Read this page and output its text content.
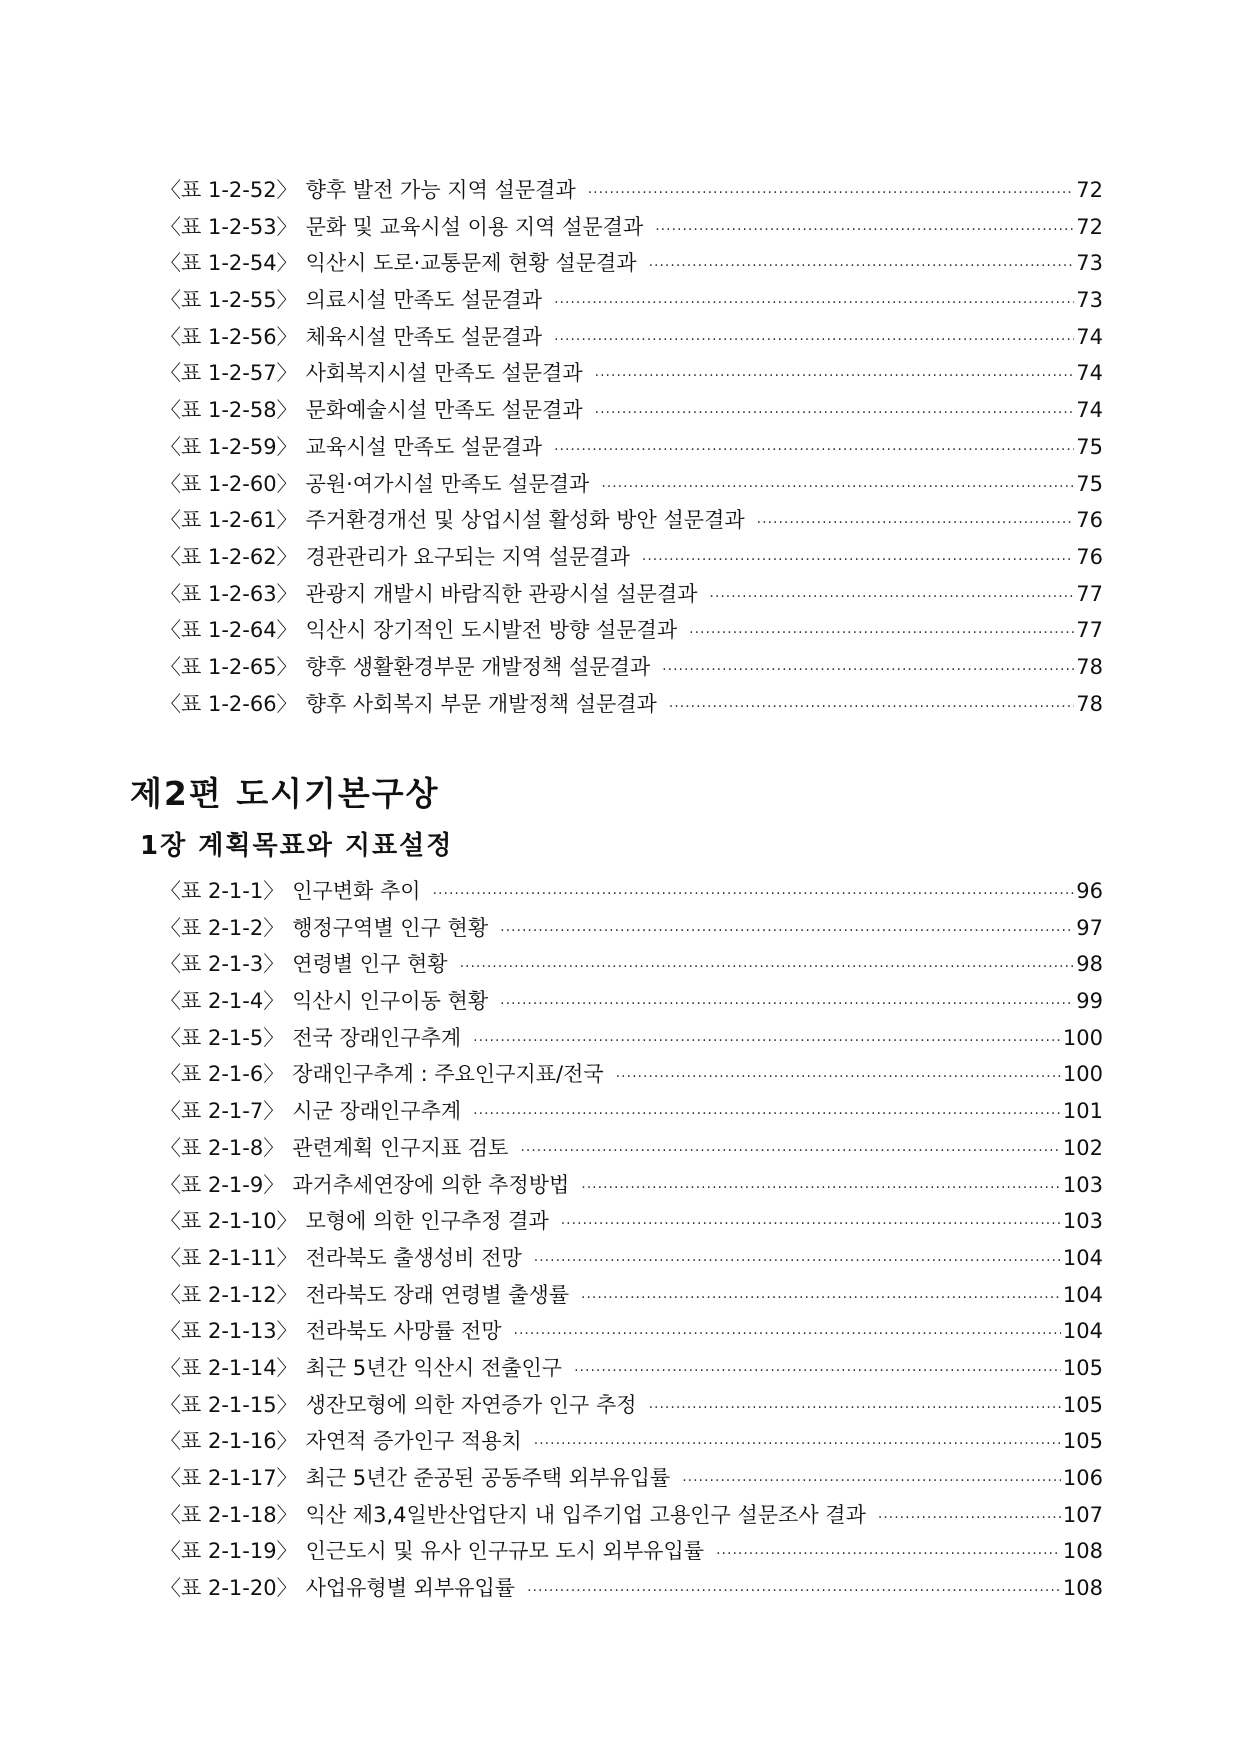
〈표 1-2-52〉 향후 발전 가능 지역 설문결과 ·····	72
〈표 1-2-53〉 문화 및 교육시설 이용 지역 설문결과 ·····	72
〈표 1-2-54〉 익산시 도로·교통문제 현황 설문결과 ·····	73
〈표 1-2-55〉 의료시설 만족도 설문결과 ·····	73
〈표 1-2-56〉 체육시설 만족도 설문결과 ·····	74
〈표 1-2-57〉 사회복지시설 만족도 설문결과 ·····	74
〈표 1-2-58〉 문화예술시설 만족도 설문결과 ·····	74
〈표 1-2-59〉 교육시설 만족도 설문결과 ·····	75
〈표 1-2-60〉 공원·여가시설 만족도 설문결과 ·····	75
〈표 1-2-61〉 주거환경개선 및 상업시설 활성화 방안 설문결과 ·····	76
〈표 1-2-62〉 경관관리가 요구되는 지역 설문결과 ·····	76
〈표 1-2-63〉 관광지 개발시 바람직한 관광시설 설문결과 ·····	77
〈표 1-2-64〉 익산시 장기적인 도시발전 방향 설문결과 ·····	77
〈표 1-2-65〉 향후 생활환경부문 개발정책 설문결과 ·····	78
〈표 1-2-66〉 향후 사회복지 부문 개발정책 설문결과 ·····	78
제2편 도시기본구상
1장 계획목표와 지표설정
〈표 2-1-1〉 인구변화 추이 ·····	96
〈표 2-1-2〉 행정구역별 인구 현황 ·····	97
〈표 2-1-3〉 연령별 인구 현황 ·····	98
〈표 2-1-4〉 익산시 인구이동 현황 ·····	99
〈표 2-1-5〉 전국 장래인구추계 ·····	100
〈표 2-1-6〉 장래인구추계 : 주요인구지표/전국 ·····	100
〈표 2-1-7〉 시군 장래인구추계 ·····	101
〈표 2-1-8〉 관련계획 인구지표 검토 ·····	102
〈표 2-1-9〉 과거추세연장에 의한 추정방법 ·····	103
〈표 2-1-10〉 모형에 의한 인구추정 결과 ·····	103
〈표 2-1-11〉 전라북도 출생성비 전망 ·····	104
〈표 2-1-12〉 전라북도 장래 연령별 출생률 ·····	104
〈표 2-1-13〉 전라북도 사망률 전망 ·····	104
〈표 2-1-14〉 최근 5년간 익산시 전출인구 ·····	105
〈표 2-1-15〉 생잔모형에 의한 자연증가 인구 추정 ·····	105
〈표 2-1-16〉 자연적 증가인구 적용치 ·····	105
〈표 2-1-17〉 최근 5년간 준공된 공동주택 외부유입률 ·····	106
〈표 2-1-18〉 익산 제3,4일반산업단지 내 입주기업 고용인구 설문조사 결과 ·····	107
〈표 2-1-19〉 인근도시 및 유사 인구규모 도시 외부유입률 ·····	108
〈표 2-1-20〉 사업유형별 외부유입률 ·····	108
